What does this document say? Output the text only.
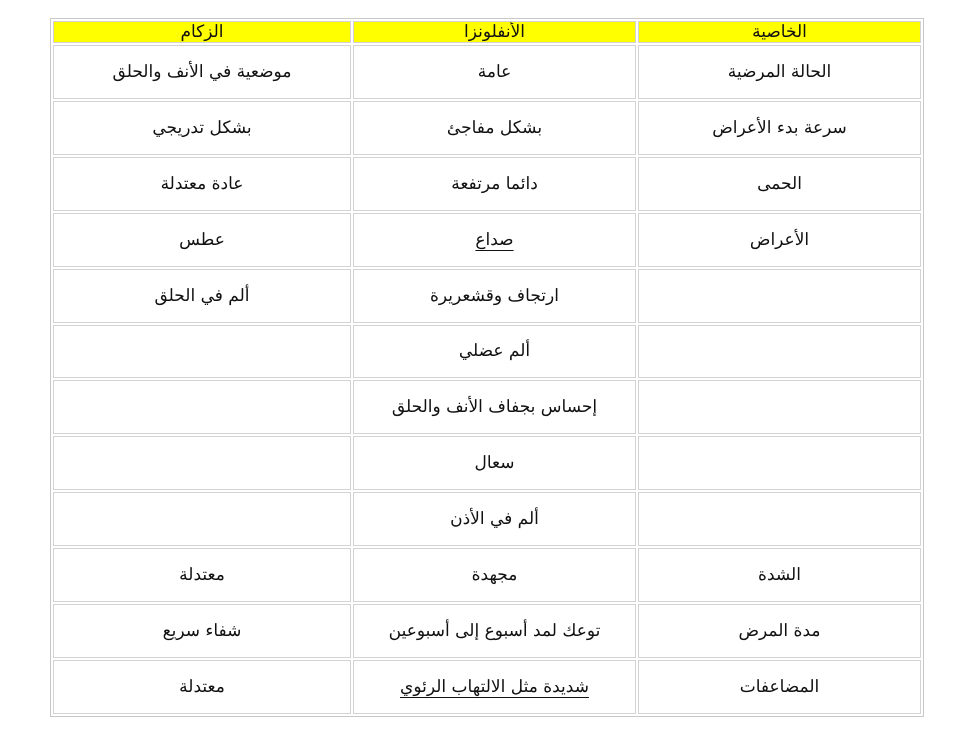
الخاصية	الأنفلونزا	الزكام
الحالة المرضية	عامة	موضعية في الأنف والحلق
سرعة بدء الأعراض	بشكل مفاجئ	بشكل تدريجي
الحمى	دائما مرتفعة	عادة معتدلة
الأعراض	صداع	عطس
	ارتجاف وقشعريرة	ألم في الحلق
	ألم عضلي	
	إحساس بجفاف الأنف والحلق	
	سعال	
	ألم في الأذن	
الشدة	مجهدة	معتدلة
مدة المرض	توعك لمد أسبوع إلى أسبوعين	شفاء سريع
المضاعفات	شديدة مثل الالتهاب الرئوي	معتدلة
